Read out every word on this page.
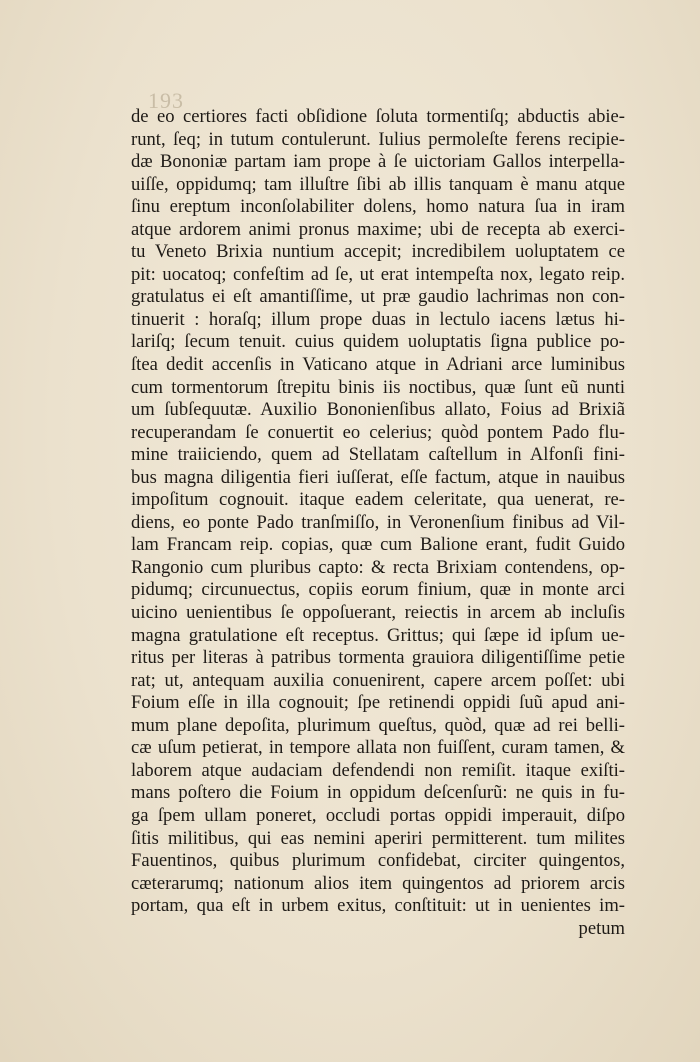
193
de eo certiores facti obſidione ſoluta tormentiſq; abductis abie-
runt, ſeq; in tutum contulerunt. Iulius permoleſte ferens recipie-
dæ Bononiæ partam iam prope à ſe uictoriam Gallos interpella-
uiſſe, oppidumq; tam illuſtre ſibi ab illis tanquam è manu atque
ſinu ereptum inconſolabiliter dolens, homo natura ſua in iram
atque ardorem animi pronus maxime; ubi de recepta ab exerci-
tu Veneto Brixia nuntium accepit; incredibilem uoluptatem ce
pit: uocatoq; confeſtim ad ſe, ut erat intempeſta nox, legato reip.
gratulatus ei eſt amantiſſime, ut præ gaudio lachrimas non con-
tinuerit : horaſq; illum prope duas in lectulo iacens lætus hi-
lariſq; ſecum tenuit. cuius quidem uoluptatis ſigna publice po-
ſtea dedit accenſis in Vaticano atque in Adriani arce luminibus
cum tormentorum ſtrepitu binis iis noctibus, quæ ſunt eũ nunti
um ſubſequutæ. Auxilio Bononienſibus allato, Foius ad Brixiã
recuperandam ſe conuertit eo celerius; quòd pontem Pado flu-
mine traiiciendo, quem ad Stellatam caſtellum in Alfonſi fini-
bus magna diligentia fieri iuſſerat, eſſe factum, atque in nauibus
impoſitum cognouit. itaque eadem celeritate, qua uenerat, re-
diens, eo ponte Pado tranſmiſſo, in Veronenſium finibus ad Vil-
lam Francam reip. copias, quæ cum Balione erant, fudit Guido
Rangonio cum pluribus capto: & recta Brixiam contendens, op-
pidumq; circunuectus, copiis eorum finium, quæ in monte arci
uicino uenientibus ſe oppoſuerant, reiectis in arcem ab incluſis
magna gratulatione eſt receptus. Grittus; qui ſæpe id ipſum ue-
ritus per literas à patribus tormenta grauiora diligentiſſime petie
rat; ut, antequam auxilia conuenirent, capere arcem poſſet: ubi
Foium eſſe in illa cognouit; ſpe retinendi oppidi ſuũ apud ani-
mum plane depoſita, plurimum queſtus, quòd, quæ ad rei belli-
cæ uſum petierat, in tempore allata non fuiſſent, curam tamen, &
laborem atque audaciam defendendi non remiſit. itaque exiſti-
mans poſtero die Foium in oppidum deſcenſurũ: ne quis in fu-
ga ſpem ullam poneret, occludi portas oppidi imperauit, diſpo
ſitis militibus, qui eas nemini aperiri permitterent. tum milites
Fauentinos, quibus plurimum confidebat, circiter quingentos,
cæterarumq; nationum alios item quingentos ad priorem arcis
portam, qua eſt in urbem exitus, conſtituit: ut in uenientes im-
petum
